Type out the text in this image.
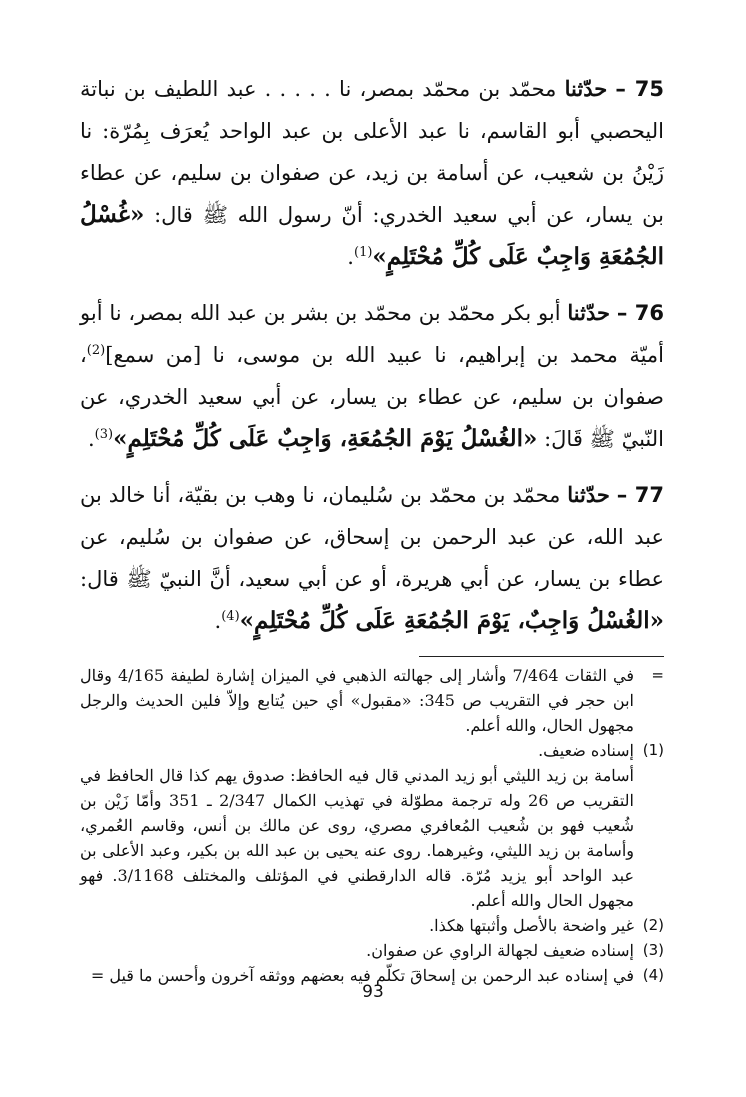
75 – حدّثنا محمّد بن محمّد بمصر، نا . . . . . عبد اللطيف بن نباتة اليحصبي أبو القاسم، نا عبد الأعلى بن عبد الواحد يُعرَف بِمُرّة: نا زَيْنُ بن شعيب، عن أسامة بن زيد، عن صفوان بن سليم، عن عطاء بن يسار، عن أبي سعيد الخدري: أنّ رسول الله ﷺ قال: «غُسْلُ الجُمُعَةِ وَاجِبٌ عَلَى كُلِّ مُحْتَلِمٍ»$^{(1)}$.

76 – حدّثنا أبو بكر محمّد بن محمّد بن بشر بن عبد الله بمصر، نا أبو أميّة محمد بن إبراهيم، نا عبيد الله بن موسى، نا [من سمع]$^{(2)}$، صفوان بن سليم، عن عطاء بن يسار، عن أبي سعيد الخدري، عن النّبيّ ﷺ قَالَ: «الغُسْلُ يَوْمَ الجُمُعَةِ، وَاجِبٌ عَلَى كُلِّ مُحْتَلِمٍ»$^{(3)}$.

77 – حدّثنا محمّد بن محمّد بن سُليمان، نا وهب بن بقيّة، أنا خالد بن عبد الله، عن عبد الرحمن بن إسحاق، عن صفوان بن سُليم، عن عطاء بن يسار، عن أبي هريرة، أو عن أبي سعيد، أنَّ النبيّ ﷺ قال: «الغُسْلُ وَاجِبٌ، يَوْمَ الجُمُعَةِ عَلَى كُلِّ مُحْتَلِمٍ»$^{(4)}$.

=
في الثقات 7/464 وأشار إلى جهالته الذهبي في الميزان إشارة لطيفة 4/165 وقال ابن حجر في التقريب ص 345: «مقبول» أي حين يُتابع وإلاّ فلين الحديث والرجل مجهول الحال، والله أعلم.
(1)
إسناده ضعيف.
أسامة بن زيد الليثي أبو زيد المدني قال فيه الحافظ: صدوق يهم كذا قال الحافظ في التقريب ص 26 وله ترجمة مطوّلة في تهذيب الكمال 2/347 ـ 351 وأمّا زَيْن بن شُعيب فهو بن شُعيب المُعافري مصري، روى عن مالك بن أنس، وقاسم العُمري، وأسامة بن زيد الليثي، وغيرهما. روى عنه يحيى بن عبد الله بن بكير، وعبد الأعلى بن عبد الواحد أبو يزيد مُرّة. قاله الدارقطني في المؤتلف والمختلف 3/1168. فهو مجهول الحال والله أعلم.
(2)
غير واضحة بالأصل وأثبتها هكذا.
(3)
إسناده ضعيف لجهالة الراوي عن صفوان.
(4)
في إسناده عبد الرحمن بن إسحاقَ تكلّم فيه بعضهم ووثقه آخرون وأحسن ما قيل =
93
